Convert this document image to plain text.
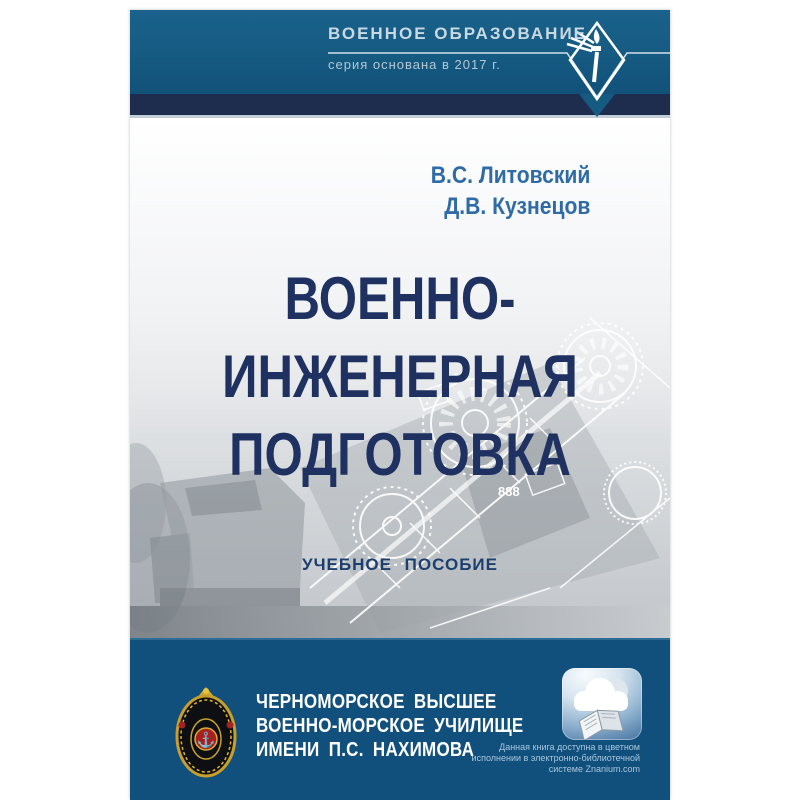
ВОЕННОЕ ОБРАЗОВАНИЕ
серия основана в 2017 г.
888
В.С. Литовский
Д.В. Кузнецов
ВОЕННО-
ИНЖЕНЕРНАЯ
ПОДГОТОВКА
УЧЕБНОЕ ПОСОБИЕ
⚓
ЧЕРНОМОРСКОЕ ВЫСШЕЕ
ВОЕННО-МОРСКОЕ УЧИЛИЩЕ
ИМЕНИ П.С. НАХИМОВА	Данная книга доступна в цветном
исполнении в электронно-библиотечной
системе Znanium.com
